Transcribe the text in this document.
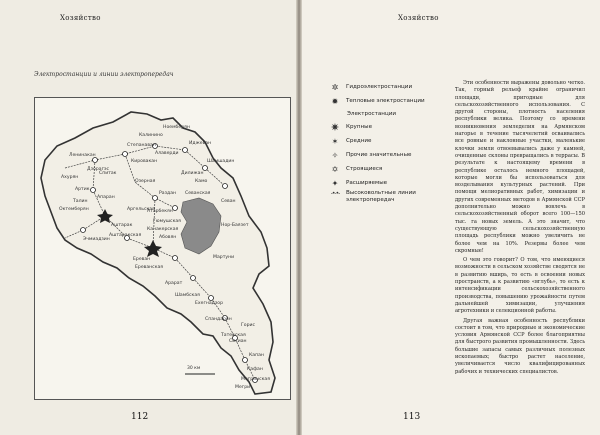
Хозяйство
Электростанции и линии электропередач
Ленинакан
Степанаван
Кировакан
Иджеван
Октемберян
Ереван
Арарат
Раздан
Севан
Мартуни
Ехегнадзор
Горис
Капан
Мегри
Камо
Ахурян
Артик
Апаран
Аштарак
Эчмиадзин	Абовян
Нор-Баязет
Сисиан
Кафан
Ноемберян
Шамшадин
Дилижан
Спитак
Калинино
Алаверди
Талин
Аштаракская
Ереванская
Севанская
Атарбекян
Гюмушская
Аргельская
Канакерская
Дзорагэс
Татевская
Спандарян
Озерная
Мегринская
Шамбская
30 км
112
Хозяйство
✲	Гидроэлектростанции
✹	Тепловые электростанции
Электростанции
✷	Крупные
✶	Средние
✧	Прочие значительные
✡	Строящиеся
✦	Расширяемые
-•-•-	Высоковольтные линии электропередач

Эти особенности выражены довольно четко. Так, горный рельеф крайне ограничил площади, пригодные для сельскохозяйственного использования. С другой стороны, плотность населения республики велика. Поэтому со времени возникновения земледелия на Армянском нагорье в течение тысячелетий осваивались все ровные и наклонные участки, маленькие клочки земли отвоевывались даже у камней, очищенные склоны превращались в террасы. В результате к настоящему времени в республике осталось немного площадей, которые могли бы использоваться для возделывания культурных растений. При помощи мелиоративных работ, химизации и других современных методов в Армянской ССР дополнительно можно вовлечь в сельскохозяйственный оборот всего 100—150 тыс. га новых земель. А это значит, что существующую сельскохозяйственную площадь республики можно увеличить не более чем на 10%. Резервы более чем скромные!

О чем это говорит? О том, что имеющиеся возможности в сельском хозяйстве сводятся не в развитию вширь, то есть в освоении новых пространств, а к развитию «вглубь», то есть к интенсификации сельскохозяйственного производства, повышению урожайности путем дальнейшей химизации, улучшения агротехники и селекционной работы.

Другая важная особенность республики состоит в том, что природные и экономические условия Армянской ССР более благоприятны для быстрого развития промышленности. Здесь большие запасы самых различных полезных ископаемых; быстро растет население, увеличивается число квалифицированных рабочих и технических специалистов.

113
